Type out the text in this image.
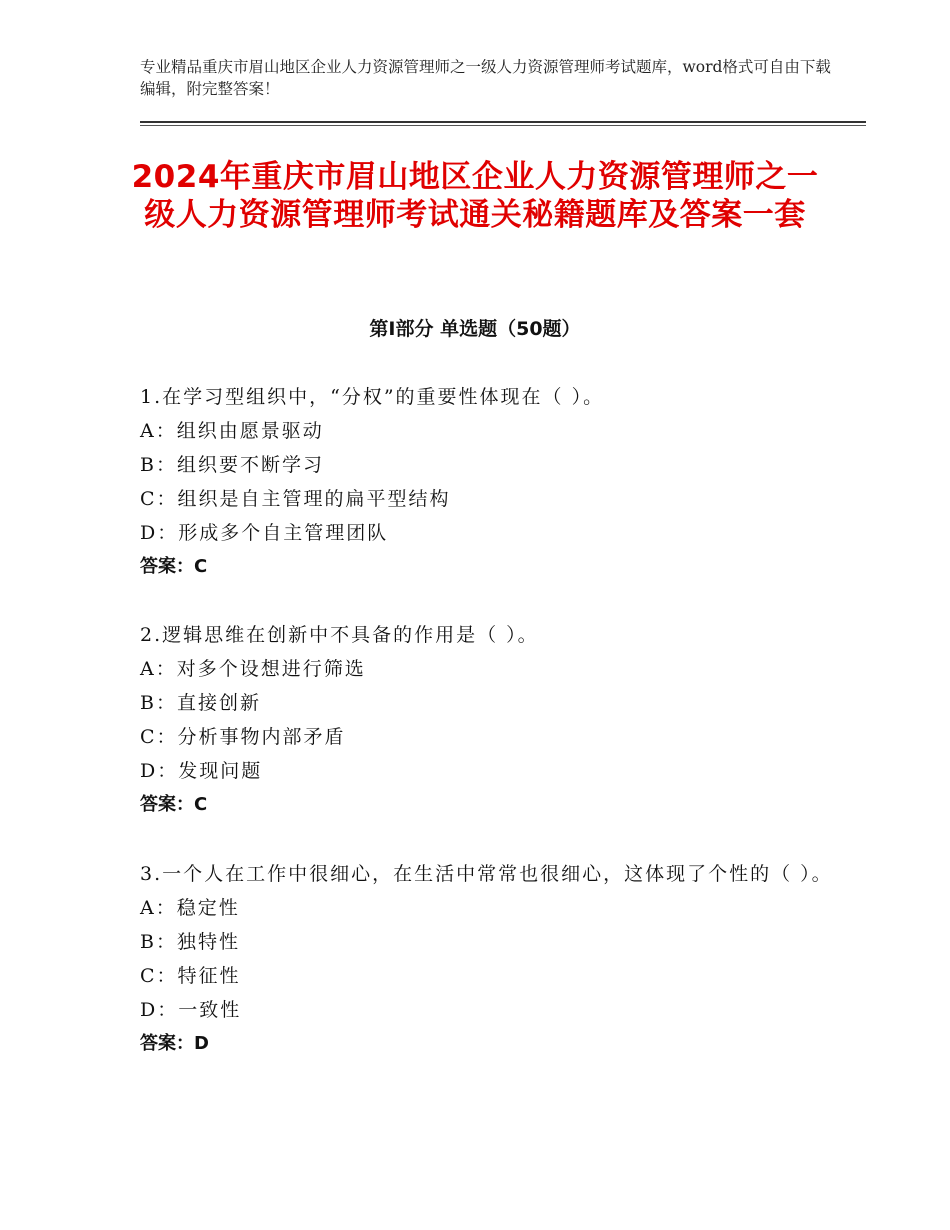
专业精品重庆市眉山地区企业人力资源管理师之一级人力资源管理师考试题库，word格式可自由下载编辑，附完整答案！
2024年重庆市眉山地区企业人力资源管理师之一级人力资源管理师考试通关秘籍题库及答案一套
第Ⅰ部分 单选题（50题）
1.在学习型组织中，“分权”的重要性体现在（ ）。
A：组织由愿景驱动
B：组织要不断学习
C：组织是自主管理的扁平型结构
D：形成多个自主管理团队
答案：C
2.逻辑思维在创新中不具备的作用是（ ）。
A：对多个设想进行筛选
B：直接创新
C：分析事物内部矛盾
D：发现问题
答案：C
3.一个人在工作中很细心，在生活中常常也很细心，这体现了个性的（ ）。
A：稳定性
B：独特性
C：特征性
D：一致性
答案：D
